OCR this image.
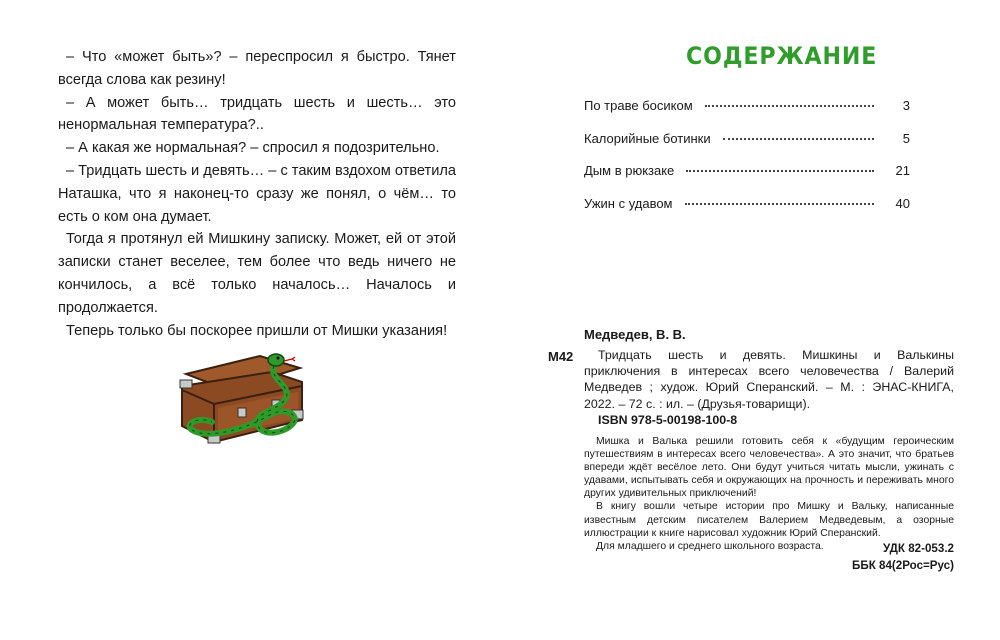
– Что «может быть»? – переспросил я быстро. Тянет всегда слова как резину!

– А может быть… тридцать шесть и шесть… это ненормальная температура?..

– А какая же нормальная? – спросил я подозрительно.

– Тридцать шесть и девять… – с таким вздохом ответила Наташка, что я наконец-то сразу же понял, о чём… то есть о ком она думает.

Тогда я протянул ей Мишкину записку. Может, ей от этой записки станет веселее, тем более что ведь ничего не кончилось, а всё только началось… Началось и продолжается.

Теперь только бы поскорее пришли от Мишки указания!

СОДЕРЖАНИЕ
По траве босиком	3
Калорийные ботинки	5
Дым в рюкзаке	21
Ужин с удавом	40
Медведев, В. В.
М42	Тридцать шесть и девять. Мишкины и Валькины приключения в интересах всего человечества / Валерий Медведев ; худож. Юрий Сперанский. – М. : ЭНАС-КНИГА, 2022. – 72 с. : ил. – (Друзья-товарищи).
ISBN 978-5-00198-100-8

Мишка и Валька решили готовить себя к «будущим героическим путешествиям в интересах всего человечества». А это значит, что братьев впереди ждёт весёлое лето. Они будут учиться читать мысли, ужинать с удавами, испытывать себя и окружающих на прочность и переживать много других удивительных приключений!

В книгу вошли четыре истории про Мишку и Вальку, написанные известным детским писателем Валерием Медведевым, а озорные иллюстрации к книге нарисовал художник Юрий Сперанский.

Для младшего и среднего школьного возраста.	УДК 82-053.2
ББК 84(2Рос=Рус)
